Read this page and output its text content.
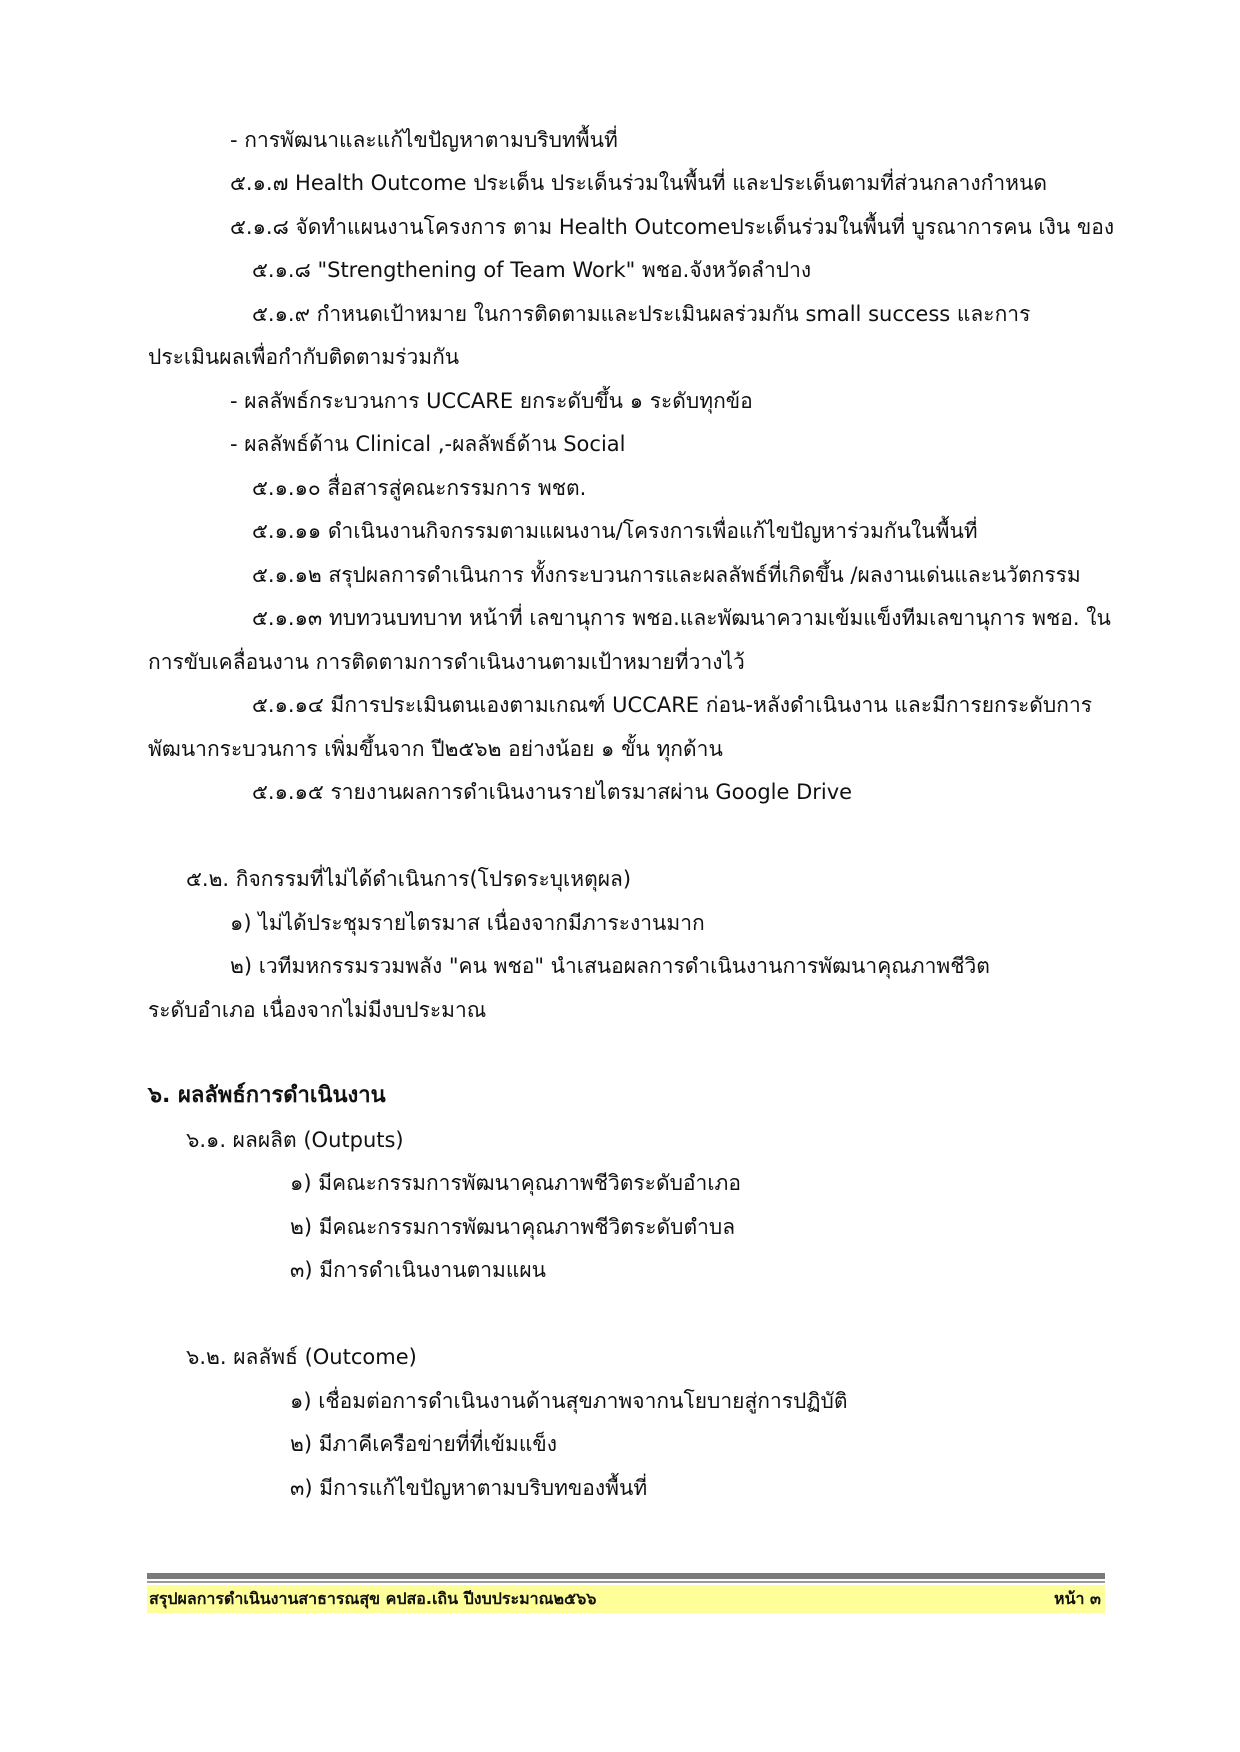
- การพัฒนาและแก้ไขปัญหาตามบริบทพื้นที่
๕.๑.๗ Health Outcome ประเด็น ประเด็นร่วมในพื้นที่ และประเด็นตามที่ส่วนกลางกำหนด
๕.๑.๘ จัดทำแผนงานโครงการ ตาม Health Outcomeประเด็นร่วมในพื้นที่ บูรณาการคน เงิน ของ
๕.๑.๘ "Strengthening of Team Work" พชอ.จังหวัดลำปาง
๕.๑.๙ กำหนดเป้าหมาย ในการติดตามและประเมินผลร่วมกัน small success และการ
ประเมินผลเพื่อกำกับติดตามร่วมกัน
- ผลลัพธ์กระบวนการ UCCARE ยกระดับขึ้น ๑ ระดับทุกข้อ
- ผลลัพธ์ด้าน Clinical ,-ผลลัพธ์ด้าน Social
๕.๑.๑๐ สื่อสารสู่คณะกรรมการ พชต.
๕.๑.๑๑ ดำเนินงานกิจกรรมตามแผนงาน/โครงการเพื่อแก้ไขปัญหาร่วมกันในพื้นที่
๕.๑.๑๒ สรุปผลการดำเนินการ ทั้งกระบวนการและผลลัพธ์ที่เกิดขึ้น /ผลงานเด่นและนวัตกรรม
๕.๑.๑๓ ทบทวนบทบาท หน้าที่ เลขานุการ พชอ.และพัฒนาความเข้มแข็งทีมเลขานุการ พชอ. ใน
การขับเคลื่อนงาน การติดตามการดำเนินงานตามเป้าหมายที่วางไว้
๕.๑.๑๔ มีการประเมินตนเองตามเกณฑ์ UCCARE ก่อน-หลังดำเนินงาน และมีการยกระดับการ
พัฒนากระบวนการ เพิ่มขึ้นจาก ปี๒๕๖๒ อย่างน้อย ๑ ขั้น ทุกด้าน
๕.๑.๑๕ รายงานผลการดำเนินงานรายไตรมาสผ่าน Google Drive
๕.๒. กิจกรรมที่ไม่ได้ดำเนินการ(โปรดระบุเหตุผล)
๑) ไม่ได้ประชุมรายไตรมาส เนื่องจากมีภาระงานมาก
๒) เวทีมหกรรมรวมพลัง "คน พชอ" นำเสนอผลการดำเนินงานการพัฒนาคุณภาพชีวิต
ระดับอำเภอ เนื่องจากไม่มีงบประมาณ
๖. ผลลัพธ์การดำเนินงาน
๖.๑. ผลผลิต (Outputs)
๑) มีคณะกรรมการพัฒนาคุณภาพชีวิตระดับอำเภอ
๒) มีคณะกรรมการพัฒนาคุณภาพชีวิตระดับตำบล
๓) มีการดำเนินงานตามแผน
๖.๒. ผลลัพธ์ (Outcome)
๑) เชื่อมต่อการดำเนินงานด้านสุขภาพจากนโยบายสู่การปฏิบัติ
๒) มีภาคีเครือข่ายที่ที่เข้มแข็ง
๓) มีการแก้ไขปัญหาตามบริบทของพื้นที่
สรุปผลการดำเนินงานสาธารณสุข คปสอ.เถิน ปีงบประมาณ๒๕๖๖	หน้า ๓
